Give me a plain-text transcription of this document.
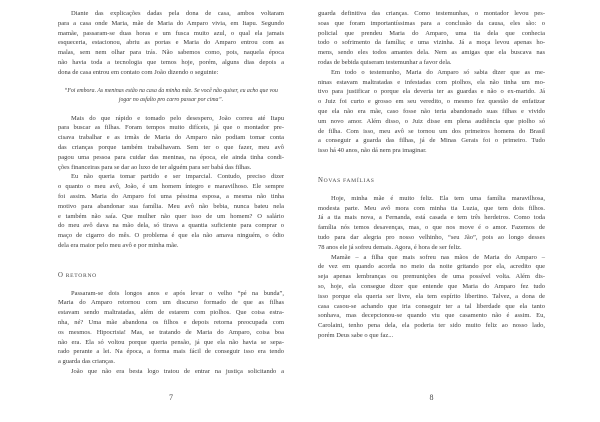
Diante das explicações dadas pela dona de casa, ambos voltaram
para a casa onde Maria, mãe de Maria do Amparo vivia, em Itapu. Segundo
mamãe, passaram-se duas horas e um fusca muito azul, o qual ela jamais
esqueceria, estacionou, abriu as portas e Maria do Amparo entrou com as
malas, sem nem olhar para trás. Não sabemos como, pois, naquela época
não havia toda a tecnologia que temos hoje, porém, alguns dias depois a
dona de casa entrou em contato com João dizendo o seguinte:
“Foi embora. As meninas estão na casa da minha mãe. Se você não quiser, eu acho que vou
jogar no asfalto pro carro passar por cima”.
Mais do que rápido e tomado pelo desespero, João correu até Itapu
para buscar as filhas. Foram tempos muito difíceis, já que o montador pre-
cisava trabalhar e as irmãs de Maria do Amparo não podiam tomar conta
das crianças porque também trabalhavam. Sem ter o que fazer, meu avô
pagou uma pessoa para cuidar das meninas, na época, ele ainda tinha condi-
ções financeiras para se dar ao luxo de ter alguém para ser babá das filhas.
Eu não queria tomar partido e ser imparcial. Contudo, preciso dizer
o quanto o meu avô, João, é um homem íntegro e maravilhoso. Ele sempre
foi assim. Maria do Amparo foi uma péssima esposa, a mesma não tinha
motivo para abandonar sua família. Meu avô não bebia, nunca bateu nela
e também não saía. Que mulher não quer isso de um homem? O salário
do meu avô dava na mão dela, só tirava a quantia suficiente para comprar o
maço de cigarro do mês. O problema é que ela não amava ninguém, o ódio
dela era maior pelo meu avô e por minha mãe.
O RETORNO
Passaram-se dois longos anos e após levar o velho “pé na bunda”,
Maria do Amparo retornou com um discurso formado de que as filhas
estavam sendo maltratadas, além de estarem com piolhos. Que coisa estra-
nha, né? Uma mãe abandona os filhos e depois retorna preocupada com
os mesmos. Hipocrisia! Mas, se tratando de Maria do Amparo, coisa boa
não era. Ela só voltou porque queria pensão, já que ela não havia se sepa-
rado perante a lei. Na época, a forma mais fácil de conseguir isso era tendo
a guarda das crianças.
João que não era besta logo tratou de entrar na justiça solicitando a
7
guarda definitiva das crianças. Como testemunhas, o montador levou pes-
soas que foram importantíssimas para a conclusão da causa, eles são: o
policial que prendeu Maria do Amparo, uma tia dela que conhecia
todo o sofrimento da família; e uma vizinha. Já a moça levou apenas ho-
mens, sendo eles todos amantes dela. Nem as amigas que ela buscava nas
rodas de bebida quiseram testemunhar a favor dela.
Em todo o testemunho, Maria do Amparo só sabia dizer que as me-
ninas estavam maltratadas e infestadas com piolhos, ela não tinha um mo-
tivo para justificar o porque ela deveria ter as guardas e não o ex-marido. Já
o Juiz foi curto e grosso em seu veredito, o mesmo fez questão de enfatizar
que ela não era mãe, caso fosse não teria abandonado suas filhas e vivido
um novo amor. Além disso, o Juiz disse em plena audiência que piolho só
de filha. Com isso, meu avô se tornou um dos primeiros homens do Brasil
a conseguir a guarda das filhas, já de Minas Gerais foi o primeiro. Tudo
isso há 40 anos, não dá nem pra imaginar.
NOVAS FAMÍLIAS
Hoje, minha mãe é muito feliz. Ela tem uma família maravilhosa,
modesta parte. Meu avô mora com minha tia Luzia, que tem dois filhos.
Já a tia mais nova, a Fernanda, está casada e tem três herdeiros. Como toda
família nós temos desavenças, mas, o que nos move é o amor. Fazemos de
tudo para dar alegria pro nosso velhinho, “seu Jão”, pois ao longo desses
78 anos ele já sofreu demais. Agora, é hora de ser feliz.
Mamãe – a filha que mais sofreu nas mãos de Maria do Amparo –
de vez em quando acorda no meio da noite gritando por ela, acredito que
seja apenas lembranças ou premunições de uma possível volta. Além dis-
so, hoje, ela consegue dizer que entende que Maria do Amparo fez tudo
isso porque ela queria ser livre, ela tem espírito libertino. Talvez, a dona de
casa casou-se achando que iria conseguir ter a tal liberdade que ela tanto
sonhava, mas decepcionou-se quando viu que casamento não é assim. Eu,
Carolaini, tenho pena dela, ela poderia ter sido muito feliz ao nosso lado,
porém Deus sabe o que faz...
8
